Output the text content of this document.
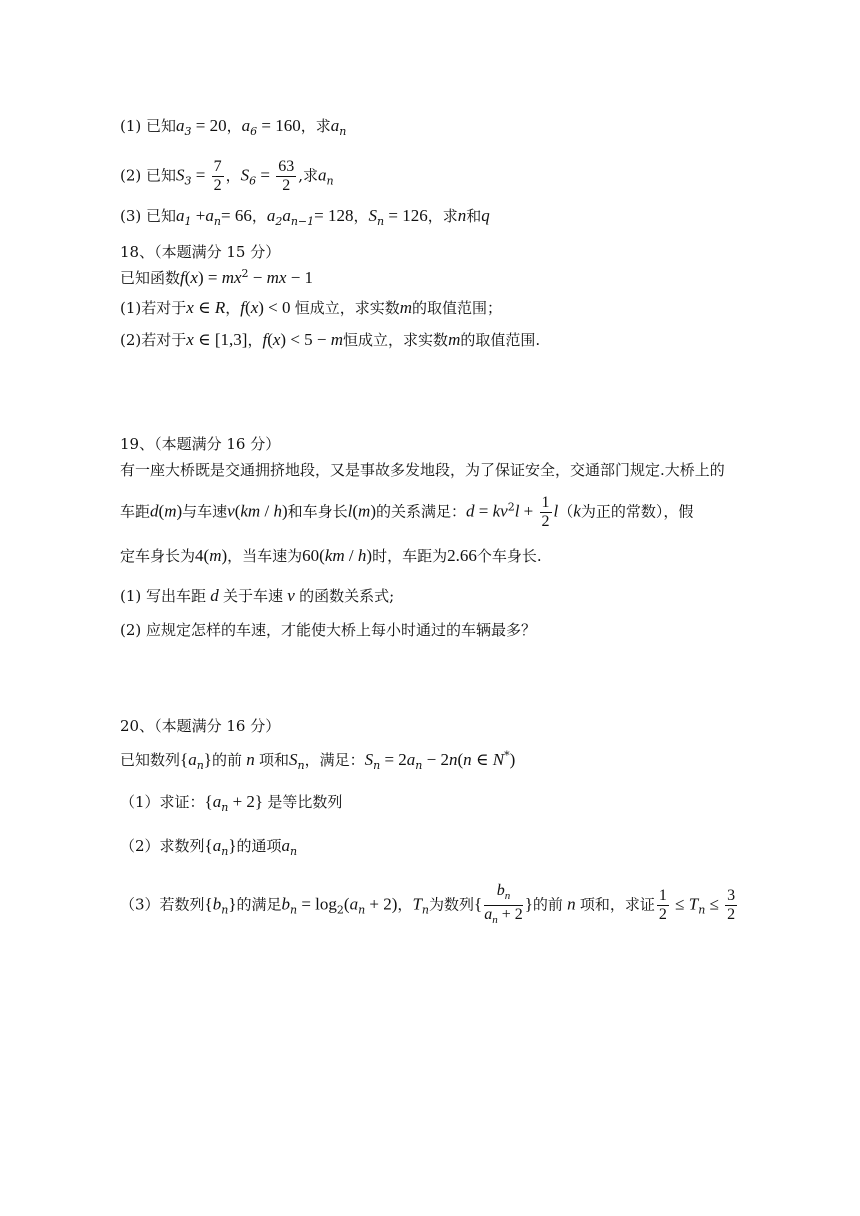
(1) 已知$a_3 = 20$，$a_6 = 160$，求$a_n$
(2) 已知$S_3 = \frac{7}{2}$ ，$S_6 = \frac{63}{2}$ ,求$a_n$
(3) 已知$a_1 +a_n= 66$，$a_2a_{n-1}= 128$，$S_n = 126$，求n和q
18、（本题满分 15 分）
已知函数$f(x) = mx^2$ − mx − 1
(1)若对于x ∈ R，f(x) < 0 恒成立，求实数m的取值范围；
(2)若对于x ∈ [1,3]，f(x) < 5 − m恒成立，求实数m的取值范围.
19、（本题满分 16 分）
有一座大桥既是交通拥挤地段，又是事故多发地段，为了保证安全，交通部门规定.大桥上的
车距d(m)与车速v(km / h)和车身长l(m)的关系满足：$d = kv^2l + \frac{1}{2} l(k$为正的常数），假
定车身长为4(m)，当车速为60(km / h)时，车距为2.66个车身长.
(1) 写出车距 d 关于车速 v 的函数关系式;
(2) 应规定怎样的车速，才能使大桥上每小时通过的车辆最多？
20、（本题满分 16 分）
已知数列$\{a_n\}$的前 n 项和$S_n$，满足：$S_n = 2a_n - 2n(n$ ∈ N*)
（1）求证：$\{a_n + 2\}$ 是等比数列
（2）求数列$\{a_n\}$的通项$a_n$
（3）若数列$\{b_n\}$的满足$b_n = \log_2(a_n + 2)$，$T_n$为数列{ $\frac{b_n}{a_n + 2}$ }的前 n 项和，求证 $\frac{1}{2} \le T_n \le \frac{3}{2}$
